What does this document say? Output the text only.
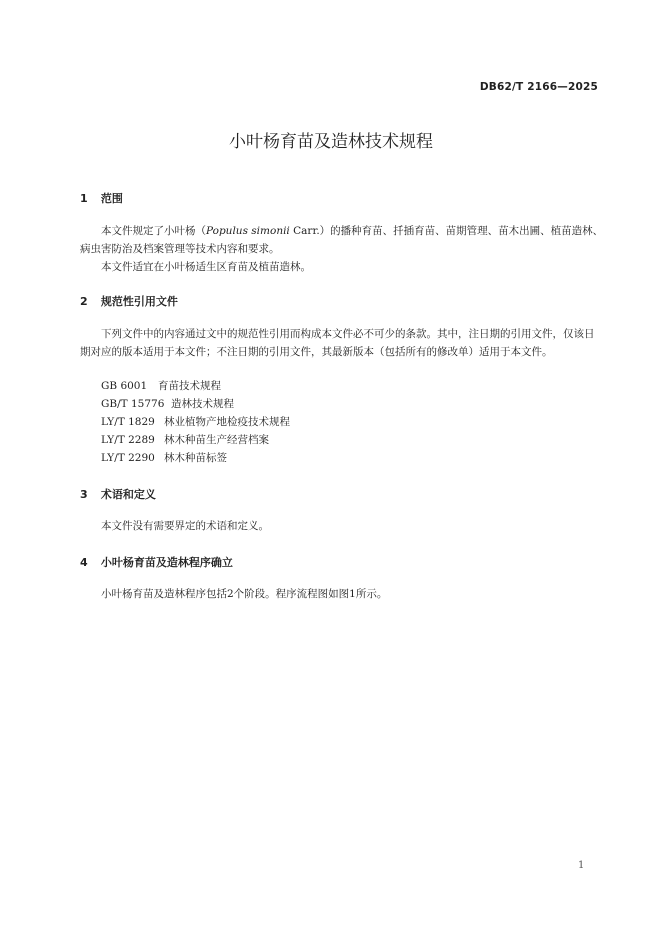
DB62/T 2166—2025
小叶杨育苗及造林技术规程
1 范围
本文件规定了小叶杨（Populus simonii Carr.）的播种育苗、扦插育苗、苗期管理、苗木出圃、植苗造林、病虫害防治及档案管理等技术内容和要求。
本文件适宜在小叶杨适生区育苗及植苗造林。
2 规范性引用文件
下列文件中的内容通过文中的规范性引用而构成本文件必不可少的条款。其中，注日期的引用文件，仅该日期对应的版本适用于本文件；不注日期的引用文件，其最新版本（包括所有的修改单）适用于本文件。
GB 6001 育苗技术规程
GB/T 15776 造林技术规程
LY/T 1829 林业植物产地检疫技术规程
LY/T 2289 林木种苗生产经营档案
LY/T 2290 林木种苗标签
3 术语和定义
本文件没有需要界定的术语和定义。
4 小叶杨育苗及造林程序确立
小叶杨育苗及造林程序包括2个阶段。程序流程图如图1所示。
1
